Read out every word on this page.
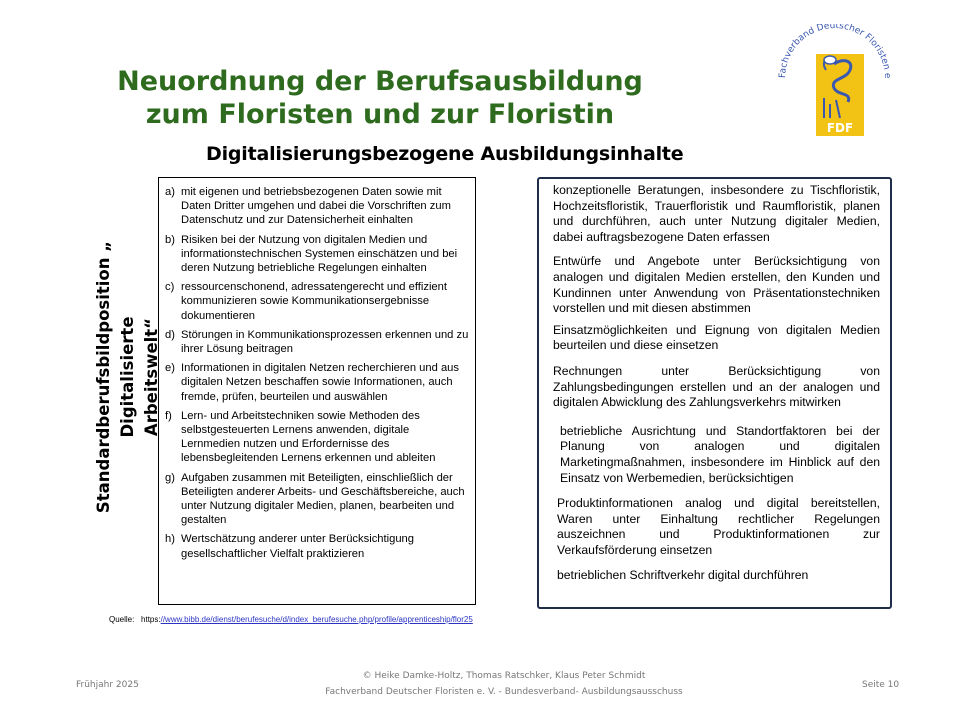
Neuordnung der Berufsausbildung
zum Floristen und zur Floristin
Digitalisierungsbezogene Ausbildungsinhalte
FDF
Fachverband Deutscher Floristen e
Standardberufsbildposition „ Digitalisierte Arbeitswelt“
a) mit eigenen und betriebsbezogenen Daten sowie mit Daten Dritter umgehen und dabei die Vorschriften zum Datenschutz und zur Datensicherheit einhalten
b) Risiken bei der Nutzung von digitalen Medien und informationstechnischen Systemen einschätzen und bei deren Nutzung betriebliche Regelungen einhalten
c) ressourcenschonend, adressatengerecht und effizient kommunizieren sowie Kommunikationsergebnisse dokumentieren
d) Störungen in Kommunikationsprozessen erkennen und zu ihrer Lösung beitragen
e) Informationen in digitalen Netzen recherchieren und aus digitalen Netzen beschaffen sowie Informationen, auch fremde, prüfen, beurteilen und auswählen
f) Lern- und Arbeitstechniken sowie Methoden des selbstgesteuerten Lernens anwenden, digitale Lernmedien nutzen und Erfordernisse des lebensbegleitenden Lernens erkennen und ableiten
g) Aufgaben zusammen mit Beteiligten, einschließlich der Beteiligten anderer Arbeits- und Geschäftsbereiche, auch unter Nutzung digitaler Medien, planen, bearbeiten und gestalten
h) Wertschätzung anderer unter Berücksichtigung gesellschaftlicher Vielfalt praktizieren
konzeptionelle Beratungen, insbesondere zu Tischfloristik, Hochzeitsfloristik, Trauerfloristik und Raumfloristik, planen und durchführen, auch unter Nutzung digitaler Medien, dabei auftragsbezogene Daten erfassen
Entwürfe und Angebote unter Berücksichtigung von analogen und digitalen Medien erstellen, den Kunden und Kundinnen unter Anwendung von Präsentationstechniken vorstellen und mit diesen abstimmen
Einsatzmöglichkeiten und Eignung von digitalen Medien beurteilen und diese einsetzen
Rechnungen unter Berücksichtigung von Zahlungsbedingungen erstellen und an der analogen und digitalen Abwicklung des Zahlungsverkehrs mitwirken
betriebliche Ausrichtung und Standortfaktoren bei der Planung von analogen und digitalen Marketingmaßnahmen, insbesondere im Hinblick auf den Einsatz von Werbemedien, berücksichtigen
Produktinformationen analog und digital bereitstellen, Waren unter Einhaltung rechtlicher Regelungen auszeichnen und Produktinformationen zur Verkaufsförderung einsetzen
betrieblichen Schriftverkehr digital durchführen
Quelle: https://www.bibb.de/dienst/berufesuche/d/index_berufesuche.php/profile/apprenticeship/flor25
Frühjahr 2025
© Heike Damke-Holtz, Thomas Ratschker, Klaus Peter Schmidt
Fachverband Deutscher Floristen e. V. - Bundesverband- Ausbildungsausschuss
Seite 10
